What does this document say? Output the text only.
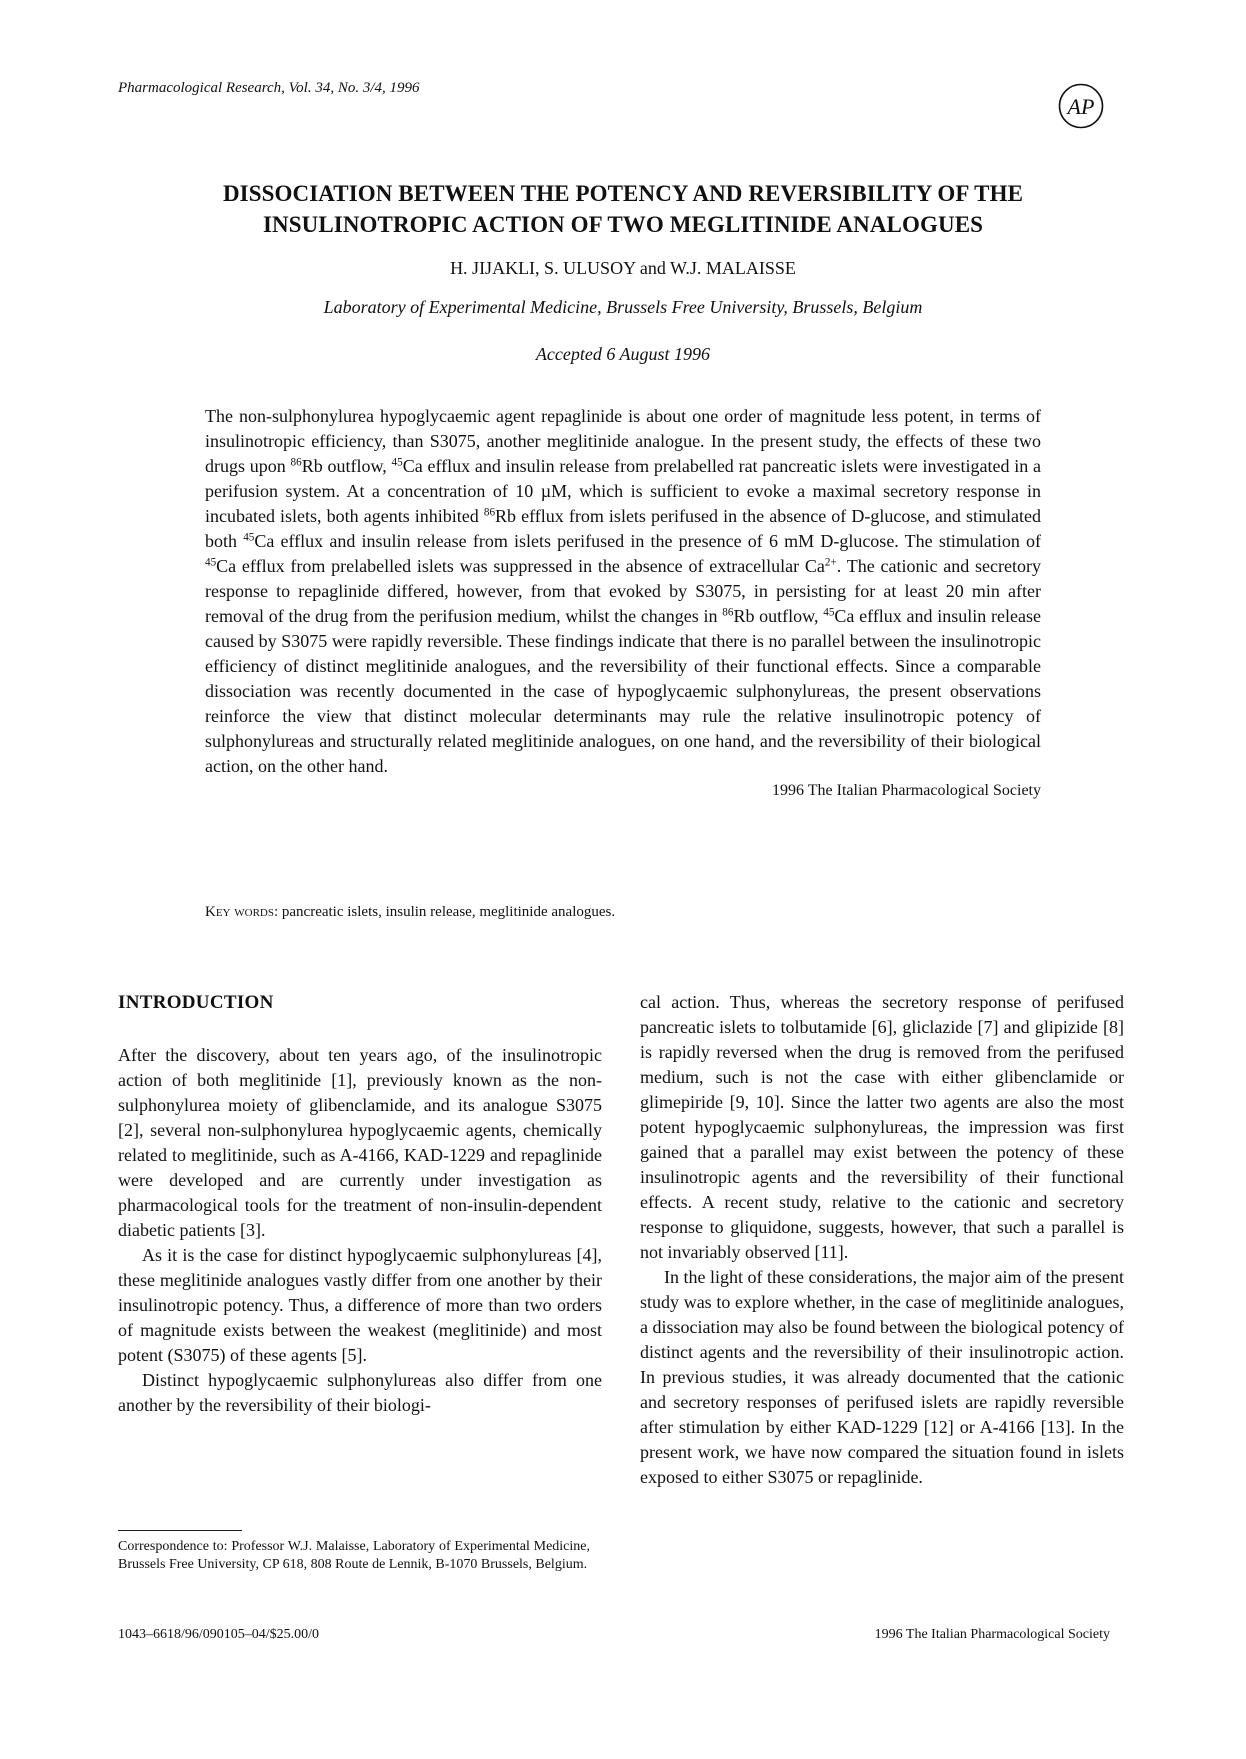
Pharmacological Research, Vol. 34, No. 3/4, 1996
AP
DISSOCIATION BETWEEN THE POTENCY AND REVERSIBILITY OF THE
INSULINOTROPIC ACTION OF TWO MEGLITINIDE ANALOGUES
H. JIJAKLI, S. ULUSOY and W.J. MALAISSE
Laboratory of Experimental Medicine, Brussels Free University, Brussels, Belgium
Accepted 6 August 1996

The non-sulphonylurea hypoglycaemic agent repaglinide is about one order of magnitude less potent, in terms of insulinotropic efficiency, than S3075, another meglitinide analogue. In the present study, the effects of these two drugs upon $^{86}$Rb outflow, $^{45}$Ca efflux and insulin release from prelabelled rat pancreatic islets were investigated in a perifusion system. At a concentration of 10 µM, which is sufficient to evoke a maximal secretory response in incubated islets, both agents inhibited $^{86}$Rb efflux from islets perifused in the absence of D-glucose, and stimulated both $^{45}$Ca efflux and insulin release from islets perifused in the presence of 6 mM D-glucose. The stimulation of $^{45}$Ca efflux from prelabelled islets was suppressed in the absence of extracellular $Ca^{2+}$. The cationic and secretory response to repaglinide differed, however, from that evoked by S3075, in persisting for at least 20 min after removal of the drug from the perifusion medium, whilst the changes in $^{86}$Rb outflow, $^{45}$Ca efflux and insulin release caused by S3075 were rapidly reversible. These findings indicate that there is no parallel between the insulinotropic efficiency of distinct meglitinide analogues, and the reversibility of their functional effects. Since a comparable dissociation was recently documented in the case of hypoglycaemic sulphonylureas, the present observations reinforce the view that distinct molecular determinants may rule the relative insulinotropic potency of sulphonylureas and structurally related meglitinide analogues, on one hand, and the reversibility of their biological action, on the other hand.

1996 The Italian Pharmacological Society
Key words: pancreatic islets, insulin release, meglitinide analogues.
INTRODUCTION

After the discovery, about ten years ago, of the insulinotropic action of both meglitinide [1], previously known as the non-sulphonylurea moiety of glibenclamide, and its analogue S3075 [2], several non-sulphonylurea hypoglycaemic agents, chemically related to meglitinide, such as A-4166, KAD-1229 and repaglinide were developed and are currently under investigation as pharmacological tools for the treatment of non-insulin-dependent diabetic patients [3].

As it is the case for distinct hypoglycaemic sulphonylureas [4], these meglitinide analogues vastly differ from one another by their insulinotropic potency. Thus, a difference of more than two orders of magnitude exists between the weakest (meglitinide) and most potent (S3075) of these agents [5].

Distinct hypoglycaemic sulphonylureas also differ from one another by the reversibility of their biologi-

cal action. Thus, whereas the secretory response of perifused pancreatic islets to tolbutamide [6], gliclazide [7] and glipizide [8] is rapidly reversed when the drug is removed from the perifused medium, such is not the case with either glibenclamide or glimepiride [9, 10]. Since the latter two agents are also the most potent hypoglycaemic sulphonylureas, the impression was first gained that a parallel may exist between the potency of these insulinotropic agents and the reversibility of their functional effects. A recent study, relative to the cationic and secretory response to gliquidone, suggests, however, that such a parallel is not invariably observed [11].

In the light of these considerations, the major aim of the present study was to explore whether, in the case of meglitinide analogues, a dissociation may also be found between the biological potency of distinct agents and the reversibility of their insulinotropic action. In previous studies, it was already documented that the cationic and secretory responses of perifused islets are rapidly reversible after stimulation by either KAD-1229 [12] or A-4166 [13]. In the present work, we have now compared the situation found in islets exposed to either S3075 or repaglinide.

Correspondence to: Professor W.J. Malaisse, Laboratory of Experimental Medicine, Brussels Free University, CP 618, 808 Route de Lennik, B-1070 Brussels, Belgium.
1043–6618/96/090105–04/$25.00/0	1996 The Italian Pharmacological Society
